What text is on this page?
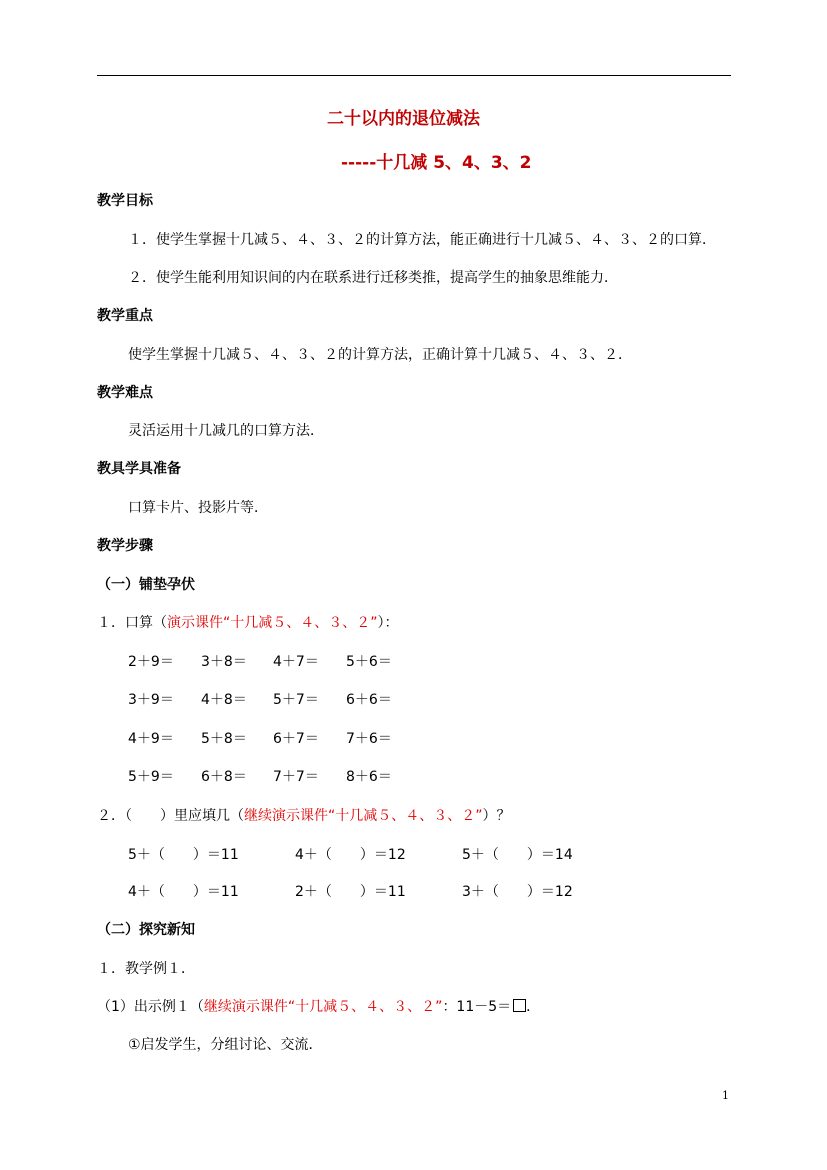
二十以内的退位减法
-----十几减 5、4、3、2
教学目标
１．使学生掌握十几减５、４、３、２的计算方法，能正确进行十几减５、４、３、２的口算．
２．使学生能利用知识间的内在联系进行迁移类推，提高学生的抽象思维能力．
教学重点
使学生掌握十几减５、４、３、２的计算方法，正确计算十几减５、４、３、２．
教学难点
灵活运用十几减几的口算方法．
教具学具准备
口算卡片、投影片等．
教学步骤
（一）铺垫孕伏
１．口算（演示课件“十几减５、４、３、２”）：
2＋9＝ 3＋8＝ 4＋7＝ 5＋6＝
3＋9＝ 4＋8＝ 5＋7＝ 6＋6＝
4＋9＝ 5＋8＝ 6＋7＝ 7＋6＝
5＋9＝ 6＋8＝ 7＋7＝ 8＋6＝
２．（　　）里应填几（继续演示课件“十几减５、４、３、２”）？
5＋（　　）＝11	4＋（　　）＝12	5＋（　　）＝14
4＋（　　）＝11	2＋（　　）＝11	3＋（　　）＝12
（二）探究新知
１．教学例１．
（1）出示例１（继续演示课件“十几减５、４、３、２”：11－5＝ ．
①启发学生，分组讨论、交流．
1
